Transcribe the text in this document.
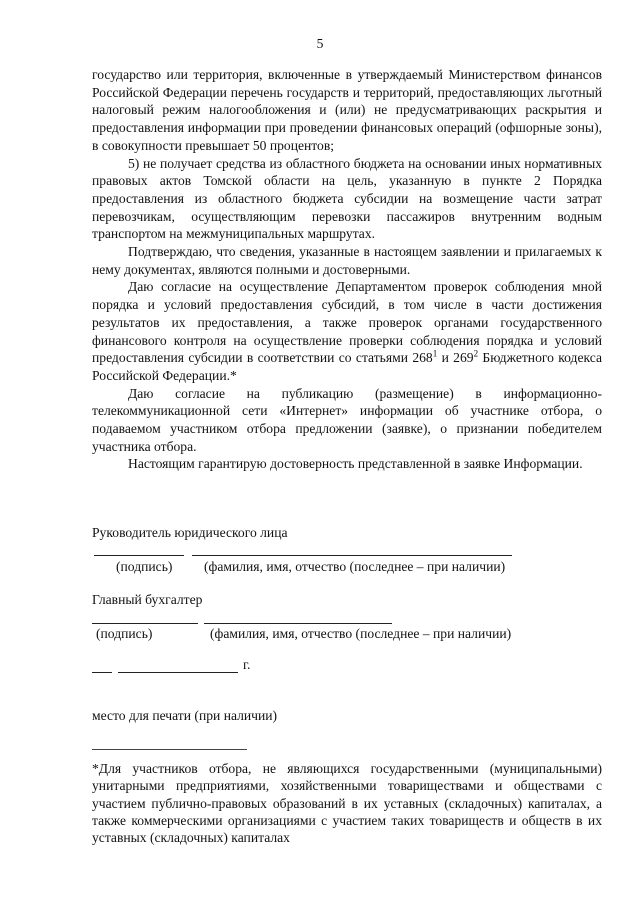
5

государство или территория, включенные в утверждаемый Министерством финансов Российской Федерации перечень государств и территорий, предоставляющих льготный налоговый режим налогообложения и (или) не предусматривающих раскрытия и предоставления информации при проведении финансовых операций (офшорные зоны), в совокупности превышает 50 процентов;

5) не получает средства из областного бюджета на основании иных нормативных правовых актов Томской области на цель, указанную в пункте 2 Порядка предоставления из областного бюджета субсидии на возмещение части затрат перевозчикам, осуществляющим перевозки пассажиров внутренним водным транспортом на межмуниципальных маршрутах.

Подтверждаю, что сведения, указанные в настоящем заявлении и прилагаемых к нему документах, являются полными и достоверными.

Даю согласие на осуществление Департаментом проверок соблюдения мной порядка и условий предоставления субсидий, в том числе в части достижения результатов их предоставления, а также проверок органами государственного финансового контроля на осуществление проверки соблюдения порядка и условий предоставления субсидии в соответствии со статьями $268^1$ и $269^2$ Бюджетного кодекса Российской Федерации.*

Даю согласие на публикацию (размещение) в информационно-телекоммуникационной сети «Интернет» информации об участнике отбора, о подаваемом участником отбора предложении (заявке), о признании победителем участника отбора.

Настоящим гарантирую достоверность представленной в заявке Информации.

Руководитель юридического лица
(подпись) (фамилия, имя, отчество (последнее – при наличии)
Главный бухгалтер
(подпись)	(фамилия, имя, отчество (последнее – при наличии)
г.
место для печати (при наличии)
*Для участников отбора, не являющихся государственными (муниципальными) унитарными предприятиями, хозяйственными товариществами и обществами с участием публично-правовых образований в их уставных (складочных) капиталах, а также коммерческими организациями с участием таких товариществ и обществ в их уставных (складочных) капиталах
